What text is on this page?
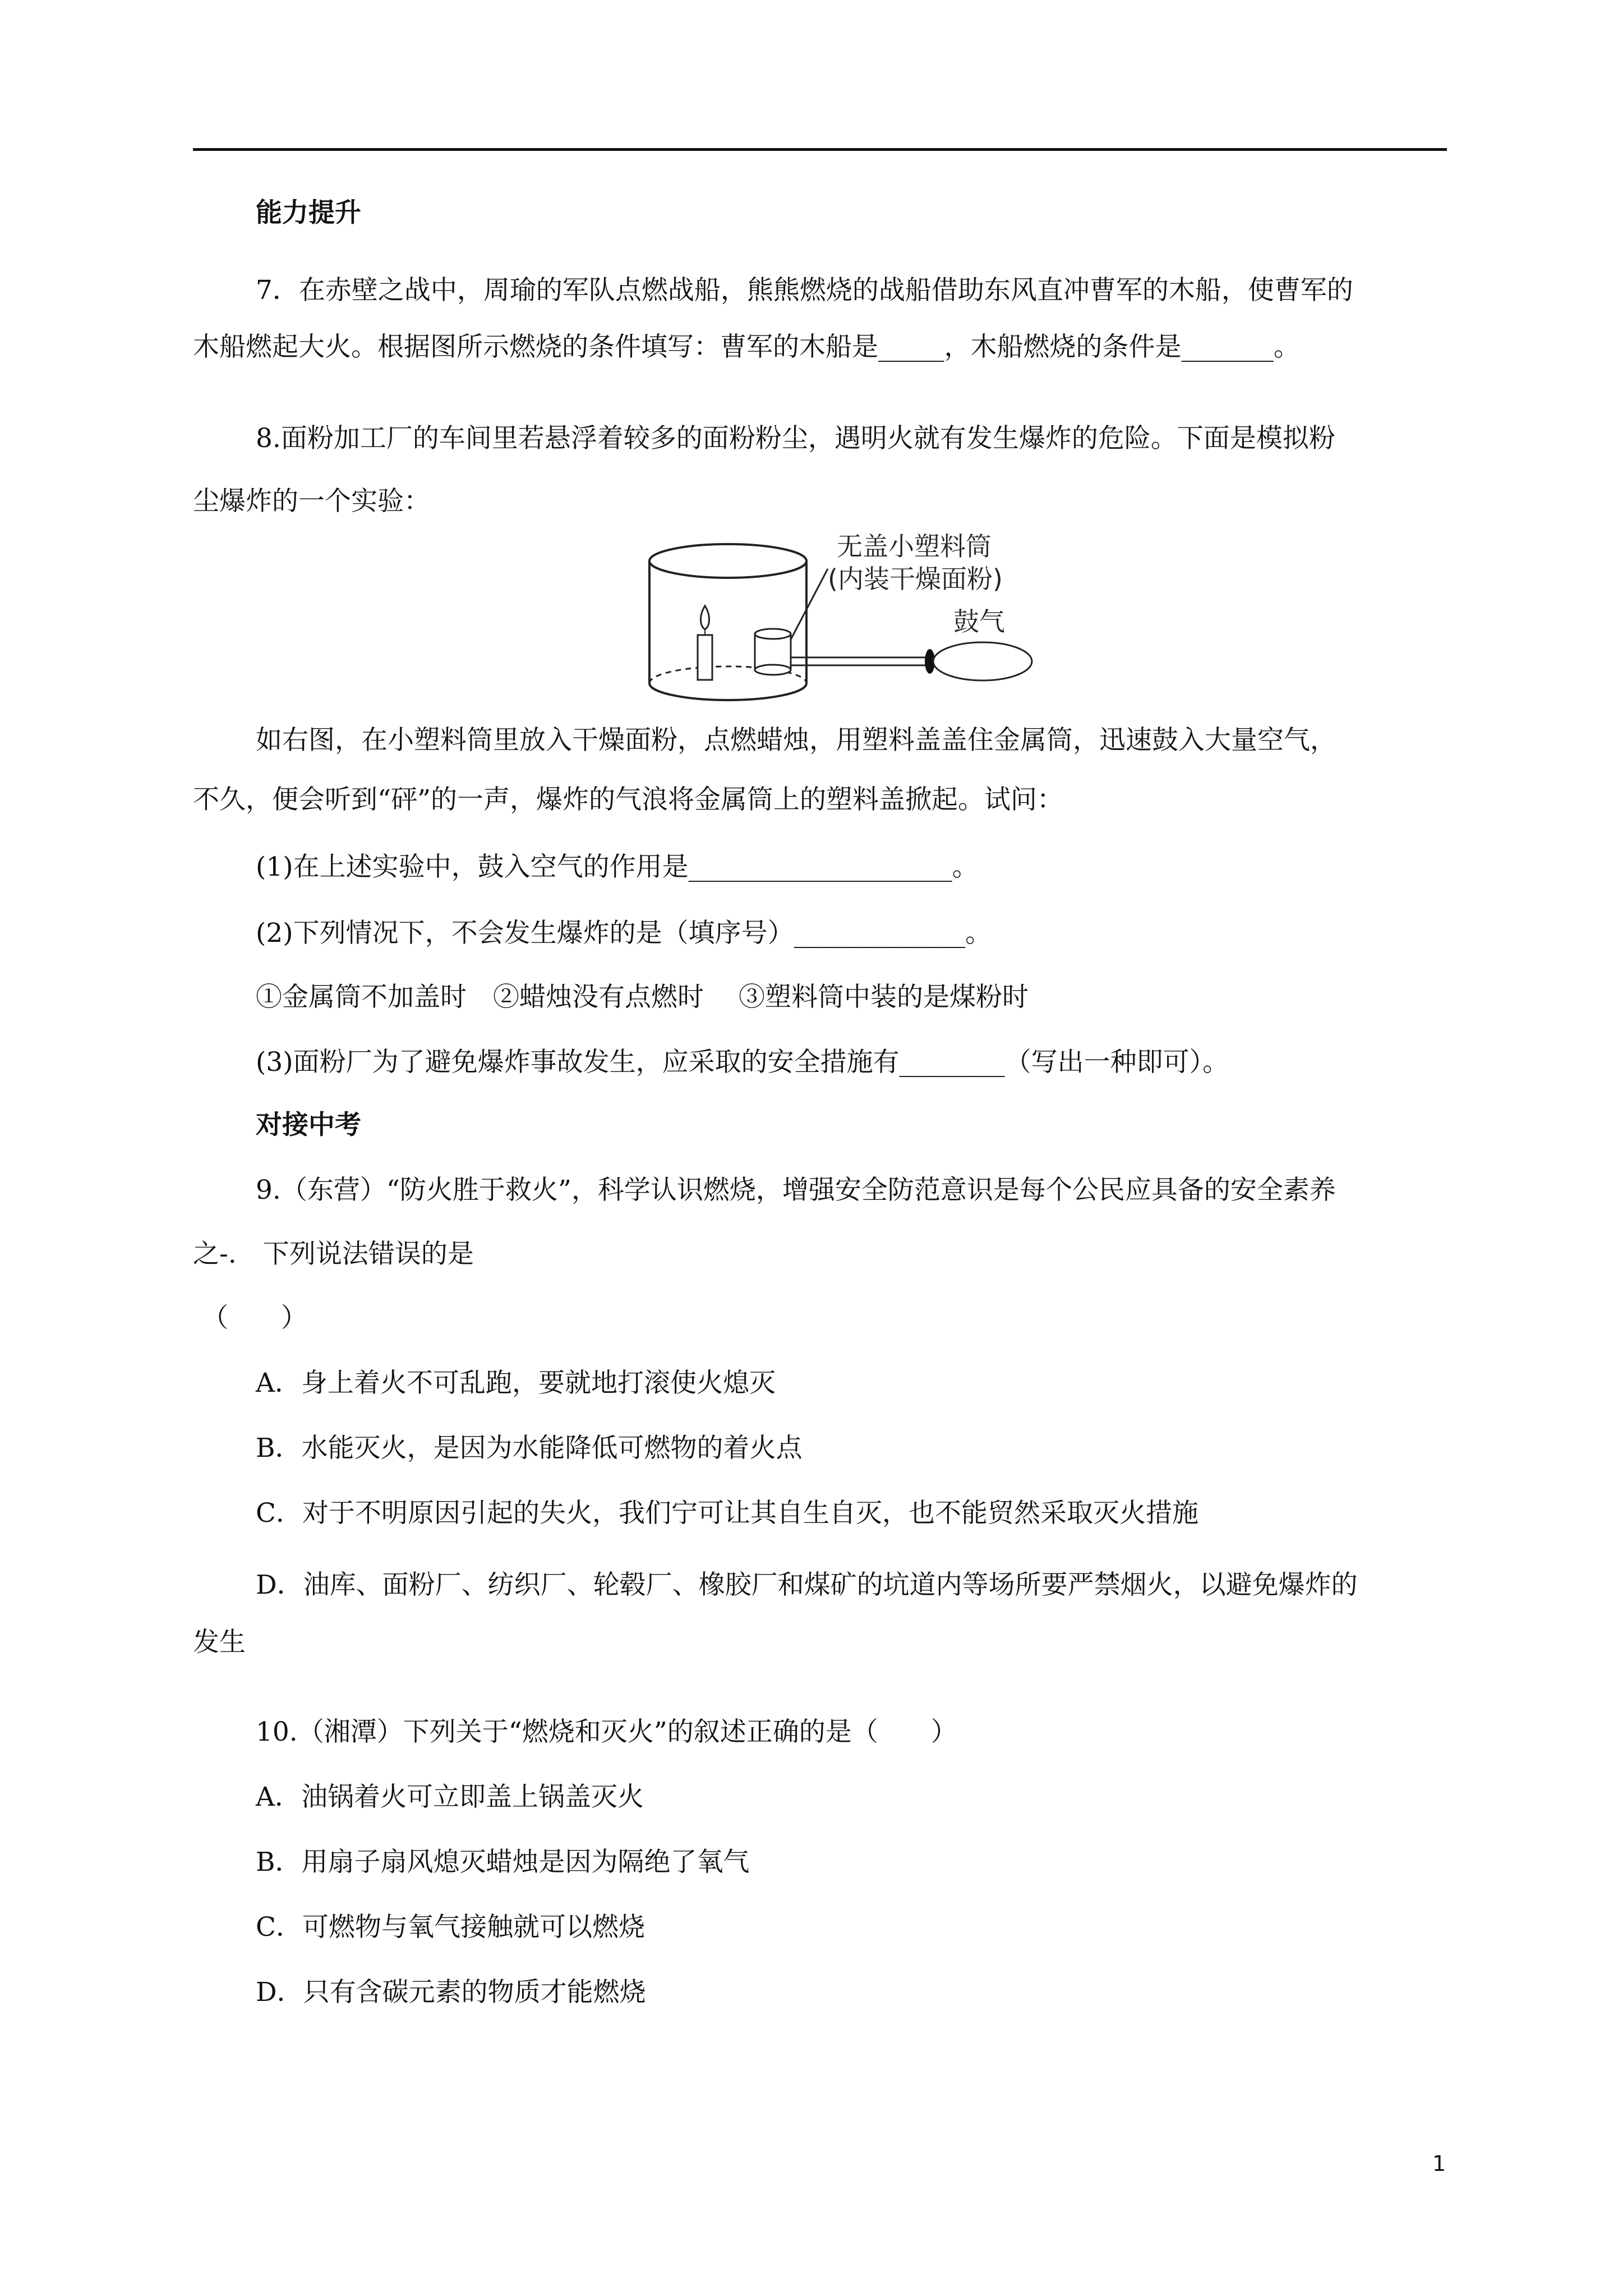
能力提升
7．在赤壁之战中，周瑜的军队点燃战船，熊熊燃烧的战船借助东风直冲曹军的木船，使曹军的
木船燃起大火。根据图所示燃烧的条件填写：曹军的木船是_____，木船燃烧的条件是_______。
8.面粉加工厂的车间里若悬浮着较多的面粉粉尘，遇明火就有发生爆炸的危险。下面是模拟粉
尘爆炸的一个实验：
无盖小塑料筒
(内装干燥面粉)
鼓气
如右图，在小塑料筒里放入干燥面粉，点燃蜡烛，用塑料盖盖住金属筒，迅速鼓入大量空气，
不久，便会听到“砰”的一声，爆炸的气浪将金属筒上的塑料盖掀起。试问：
(1)在上述实验中，鼓入空气的作用是____________________。
(2)下列情况下，不会发生爆炸的是（填序号）_____________。
①金属筒不加盖时　②蜡烛没有点燃时　 ③塑料筒中装的是煤粉时
(3)面粉厂为了避免爆炸事故发生，应采取的安全措施有________（写出一种即可）。
对接中考
9.（东营）“防火胜于救火”，科学认识燃烧，增强安全防范意识是每个公民应具备的安全素养
之-.　下列说法错误的是
（　　）
A．身上着火不可乱跑，要就地打滚使火熄灭
B．水能灭火，是因为水能降低可燃物的着火点
C．对于不明原因引起的失火，我们宁可让其自生自灭，也不能贸然采取灭火措施
D．油库、面粉厂、纺织厂、轮毂厂、橡胶厂和煤矿的坑道内等场所要严禁烟火，以避免爆炸的
发生
10.（湘潭）下列关于“燃烧和灭火”的叙述正确的是（　　）
A．油锅着火可立即盖上锅盖灭火
B．用扇子扇风熄灭蜡烛是因为隔绝了氧气
C．可燃物与氧气接触就可以燃烧
D．只有含碳元素的物质才能燃烧
1
